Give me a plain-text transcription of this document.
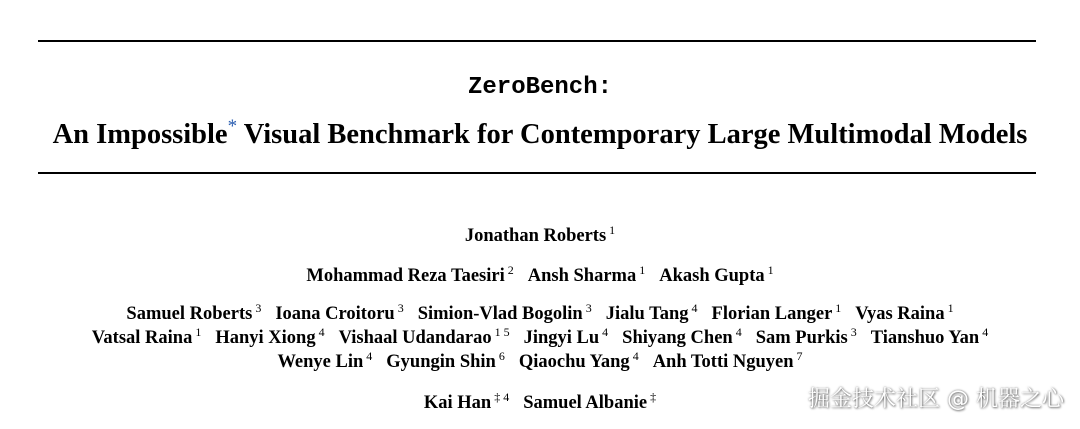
ZeroBench:
An Impossible* Visual Benchmark for Contemporary Large Multimodal Models
Jonathan Roberts $^1$
Mohammad Reza Taesiri $^2$ Ansh Sharma $^1$ Akash Gupta $^1$
Samuel Roberts $^3$ Ioana Croitoru $^3$ Simion-Vlad Bogolin $^3$ Jialu Tang $^4$ Florian Langer $^1$ Vyas Raina $^1$
Vatsal Raina $^1$ Hanyi Xiong $^4$ Vishaal Udandarao $^{1 5}$ Jingyi Lu $^4$ Shiyang Chen $^4$ Sam Purkis $^3$ Tianshuo Yan $^4$
Wenye Lin $^4$ Gyungin Shin $^6$ Qiaochu Yang $^4$ Anh Totti Nguyen $^7$
Kai Han $^{\ddagger 4}$ Samuel Albanie ‡	掘金技术社区 @ 机器之心
